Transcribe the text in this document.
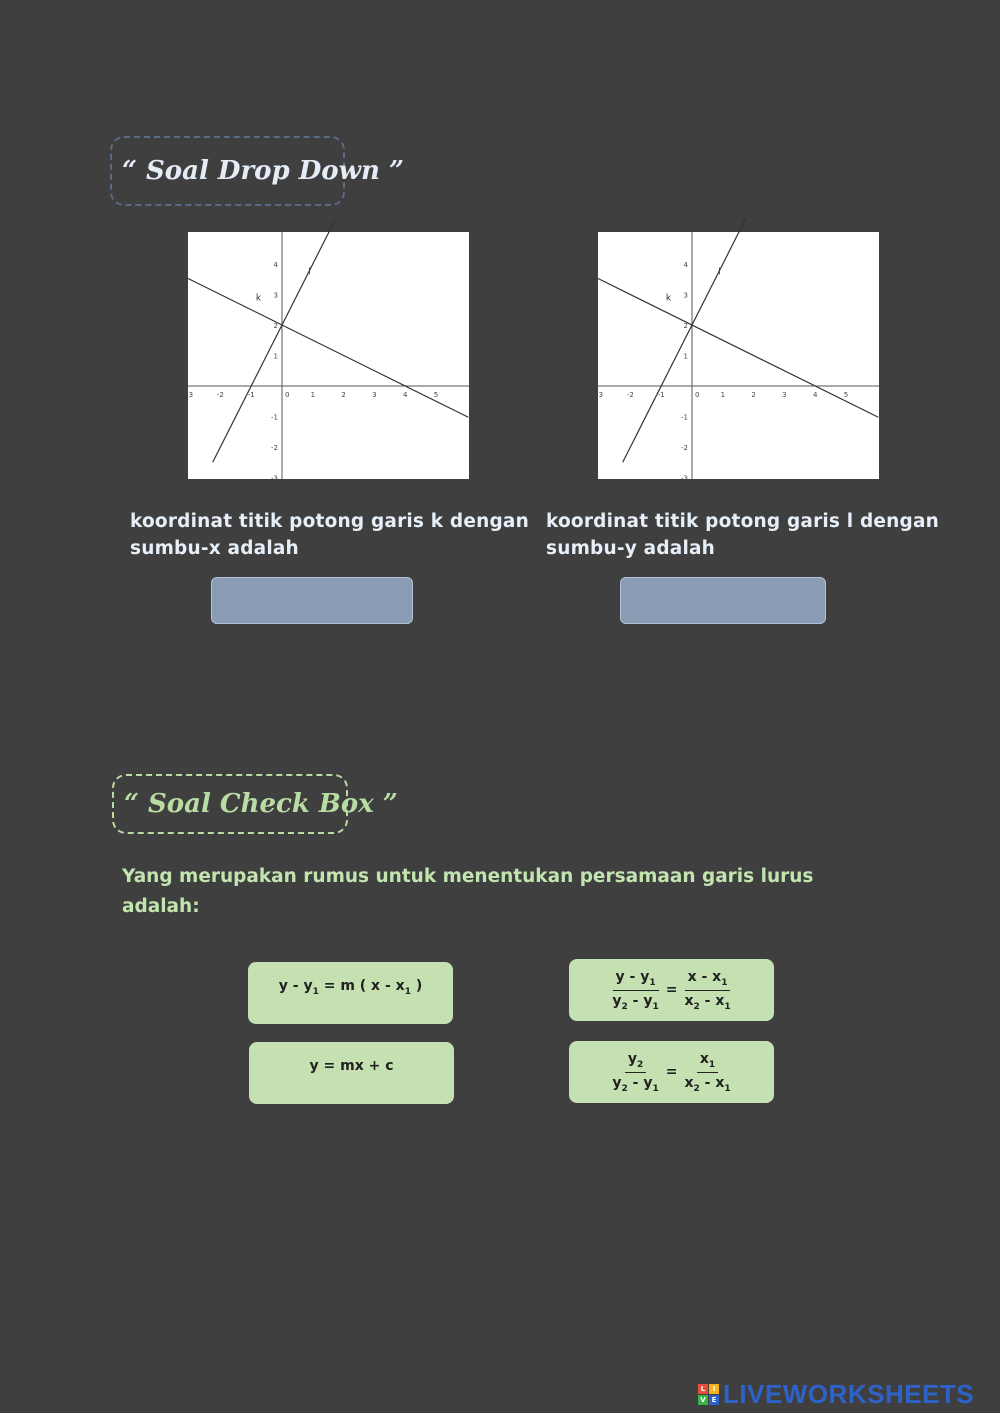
“ Soal Drop Down ”
-3	-2	-1	0	1	2	3	4	5
4
3
2
1
-1
-2
-3
k
l
-3	-2	-1	0	1	2	3	4	5
4
3
2
1
-1
-2
-3
k
l
koordinat titik potong garis k dengan sumbu-x adalah
koordinat titik potong garis l dengan sumbu-y adalah
“ Soal Check Box ”
Yang merupakan rumus untuk menentukan persamaan garis lurus adalah:
$y - y_1 = m$ ( x - $x_1$ )
y = mx + c
$\frac{y - y_1}{y_2 - y_1} = \frac{x - x_1}{x_2 - x_1}$
$\frac{y_2}{y_2 - y_1} = \frac{x_1}{x_2 - x_1}$
L	I
V E LIVEWORKSHEETS
